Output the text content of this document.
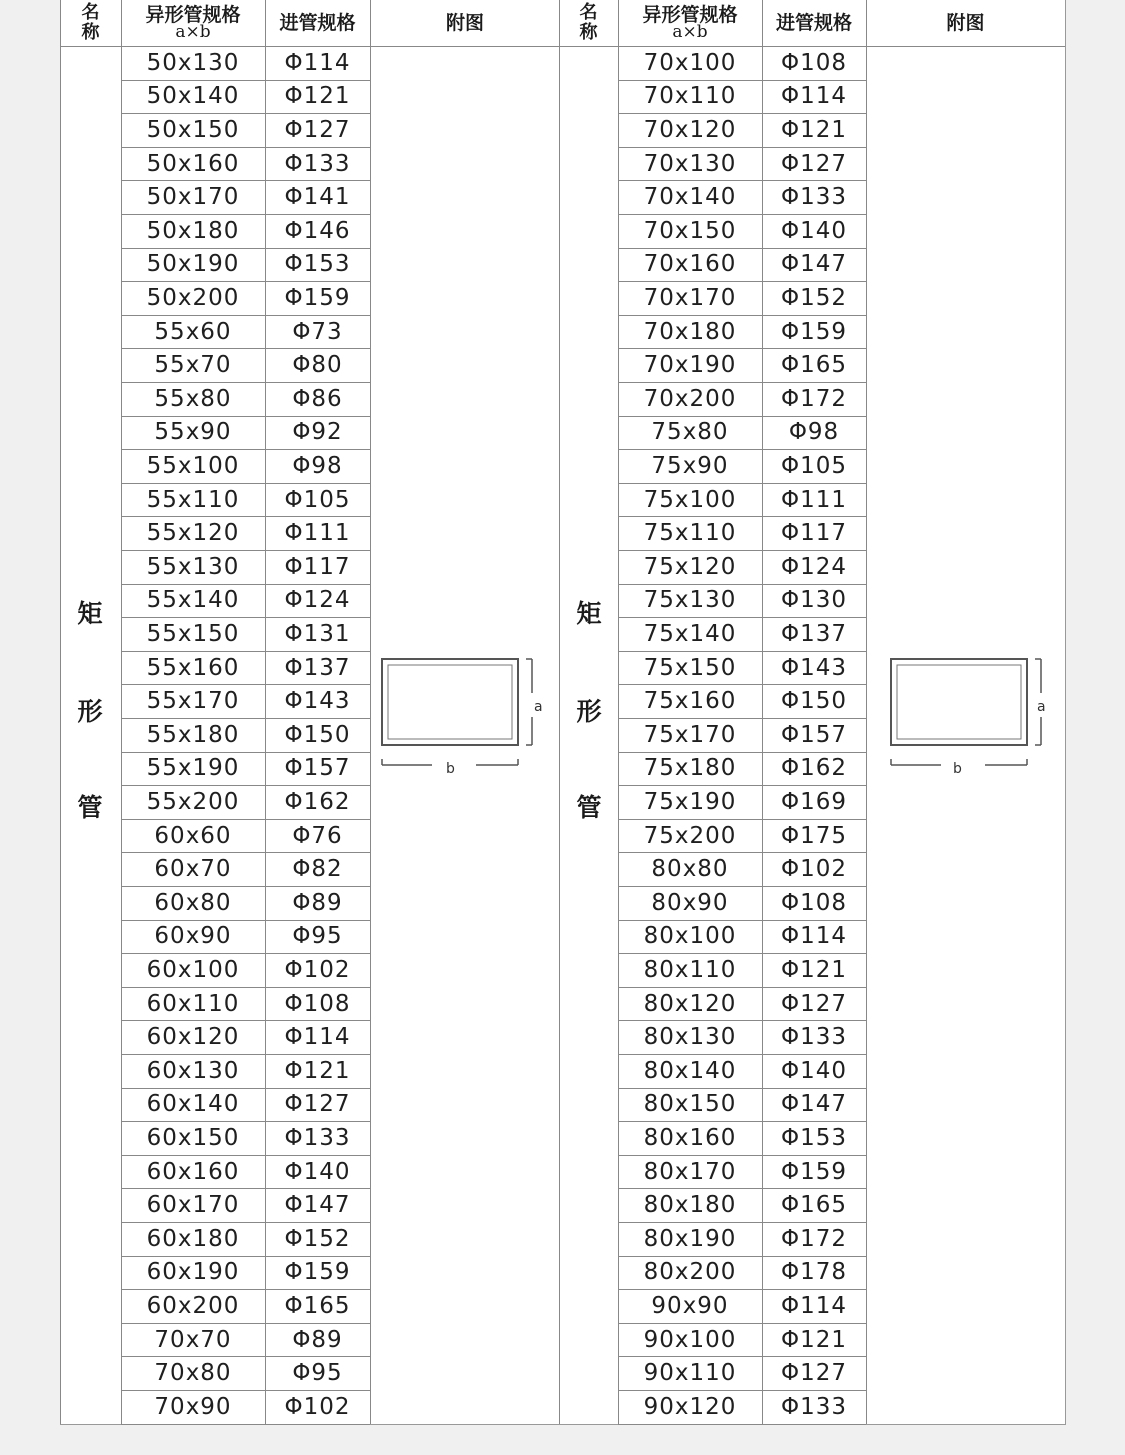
名
称
异形管规格
a×b	进管规格	附图
矩
形
管
a
b
50x130	Φ114
50x140	Φ121
50x150	Φ127
50x160	Φ133
50x170	Φ141
50x180	Φ146
50x190	Φ153
50x200	Φ159
55x60	Φ73
55x70	Φ80
55x80	Φ86
55x90	Φ92
55x100	Φ98
55x110	Φ105
55x120	Φ111
55x130	Φ117
55x140	Φ124
55x150	Φ131
55x160	Φ137
55x170	Φ143
55x180	Φ150
55x190	Φ157
55x200	Φ162
60x60	Φ76
60x70	Φ82
60x80	Φ89
60x90	Φ95
60x100	Φ102
60x110	Φ108
60x120	Φ114
60x130	Φ121
60x140	Φ127
60x150	Φ133
60x160	Φ140
60x170	Φ147
60x180	Φ152
60x190	Φ159
60x200	Φ165
70x70	Φ89
70x80	Φ95
70x90	Φ102
名
称
异形管规格
a×b	进管规格	附图
矩
形
管
a
b
70x100	Φ108
70x110	Φ114
70x120	Φ121
70x130	Φ127
70x140	Φ133
70x150	Φ140
70x160	Φ147
70x170	Φ152
70x180	Φ159
70x190	Φ165
70x200	Φ172
75x80	Φ98
75x90	Φ105
75x100	Φ111
75x110	Φ117
75x120	Φ124
75x130	Φ130
75x140	Φ137
75x150	Φ143
75x160	Φ150
75x170	Φ157
75x180	Φ162
75x190	Φ169
75x200	Φ175
80x80	Φ102
80x90	Φ108
80x100	Φ114
80x110	Φ121
80x120	Φ127
80x130	Φ133
80x140	Φ140
80x150	Φ147
80x160	Φ153
80x170	Φ159
80x180	Φ165
80x190	Φ172
80x200	Φ178
90x90	Φ114
90x100	Φ121
90x110	Φ127
90x120	Φ133
